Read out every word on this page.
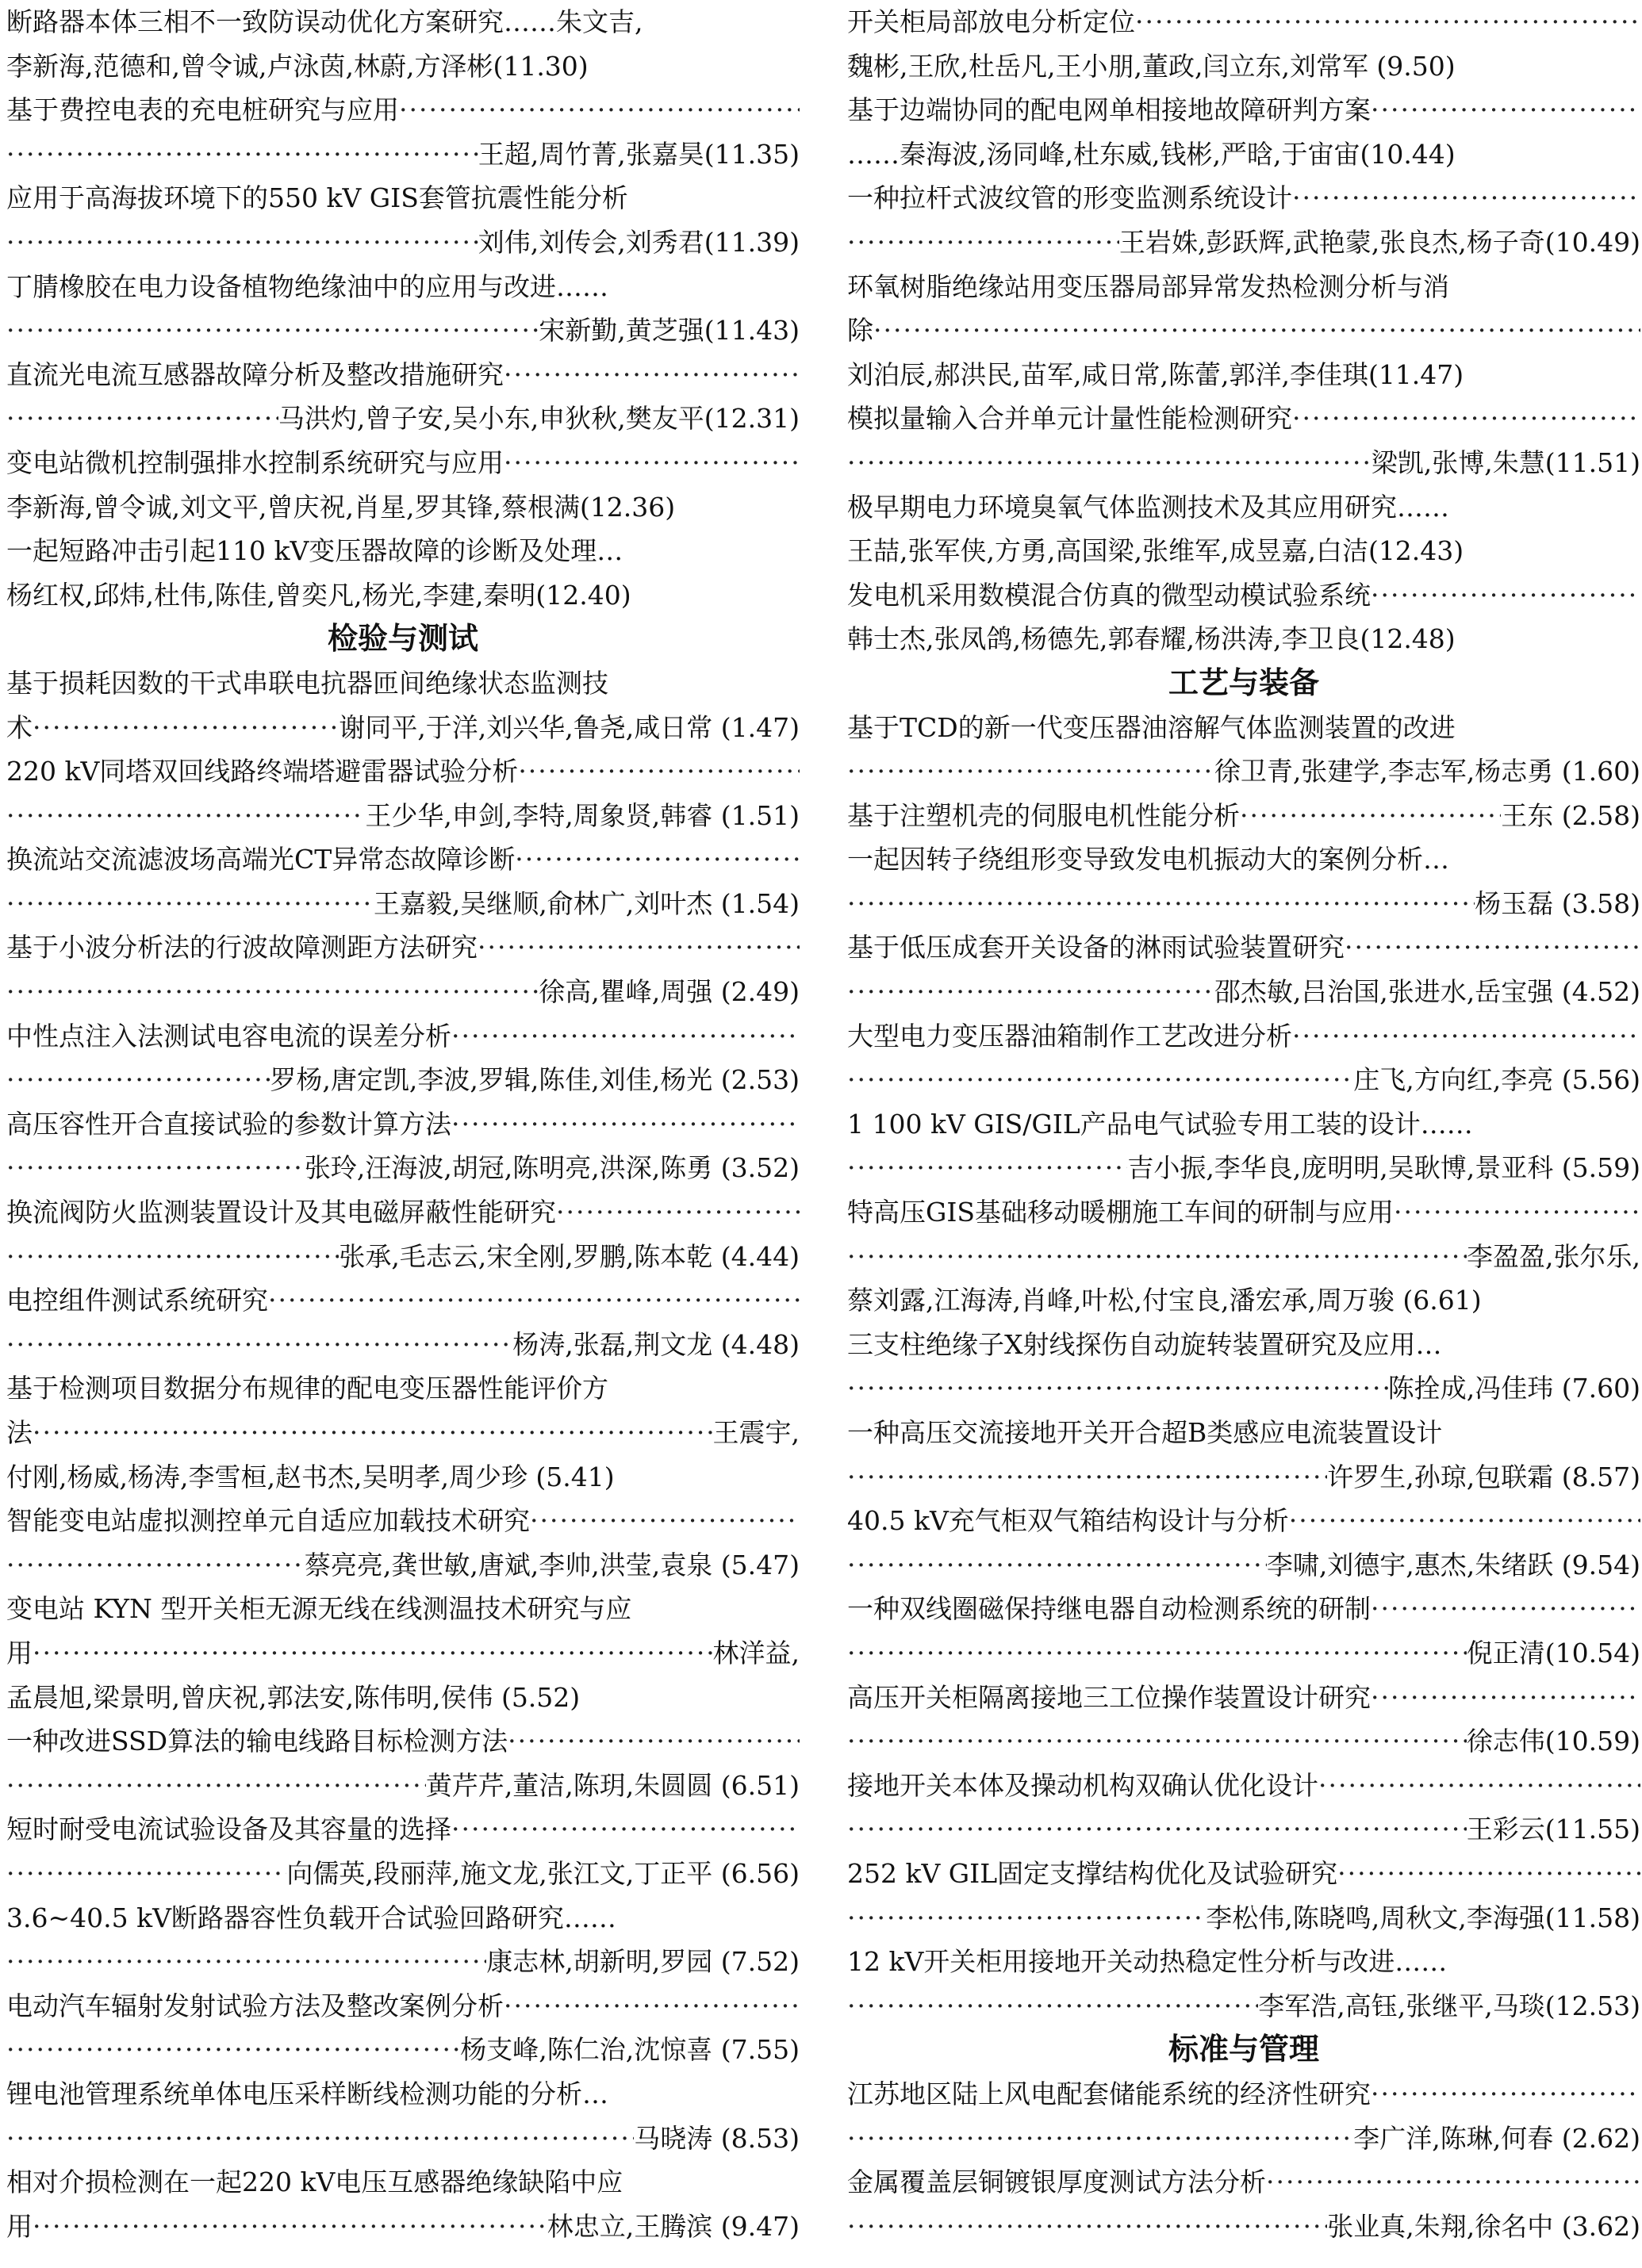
断路器本体三相不一致防误动优化方案研究…… 朱文吉,
李新海,范德和,曾令诚,卢泳茵,林蔚,方泽彬(11.30)
基于费控电表的充电桩研究与应用
·····
·····
王超,周竹菁,张嘉昊(11.35)
应用于高海拔环境下的550 kV GIS套管抗震性能分析
·····
刘伟,刘传会,刘秀君(11.39)
丁腈橡胶在电力设备植物绝缘油中的应用与改进……
·····
宋新勤,黄芝强(11.43)
直流光电流互感器故障分析及整改措施研究
·····
·····
马洪灼,曾子安,吴小东,申狄秋,樊友平(12.31)
变电站微机控制强排水控制系统研究与应用
·····
李新海,曾令诚,刘文平,曾庆祝,肖星,罗其锋,蔡根满(12.36)
一起短路冲击引起110 kV变压器故障的诊断及处理…
杨红权,邱炜,杜伟,陈佳,曾奕凡,杨光,李建,秦明(12.40)
检验与测试
基于损耗因数的干式串联电抗器匝间绝缘状态监测技
术 ·····	谢同平,于洋,刘兴华,鲁尧,咸日常 (1.47)
220 kV同塔双回线路终端塔避雷器试验分析
·····
·····
王少华,申剑,李特,周象贤,韩睿 (1.51)
换流站交流滤波场高端光CT异常态故障诊断
·····
·····
王嘉毅,吴继顺,俞林广,刘叶杰 (1.54)
基于小波分析法的行波故障测距方法研究
·····
·····
徐高,瞿峰,周强 (2.49)
中性点注入法测试电容电流的误差分析
·····
·····
罗杨,唐定凯,李波,罗辑,陈佳,刘佳,杨光 (2.53)
高压容性开合直接试验的参数计算方法
·····
·····
张玲,汪海波,胡冠,陈明亮,洪深,陈勇 (3.52)
换流阀防火监测装置设计及其电磁屏蔽性能研究
·····
·····
张承,毛志云,宋全刚,罗鹏,陈本乾 (4.44)
电控组件测试系统研究
·····
·····
杨涛,张磊,荆文龙 (4.48)
基于检测项目数据分布规律的配电变压器性能评价方
法 ·····	王震宇,
付刚,杨威,杨涛,李雪桓,赵书杰,吴明孝,周少珍 (5.41)
智能变电站虚拟测控单元自适应加载技术研究
·····
·····
蔡亮亮,龚世敏,唐斌,李帅,洪莹,袁泉 (5.47)
变电站 KYN 型开关柜无源无线在线测温技术研究与应
用 ·····	林洋益,
孟晨旭,梁景明,曾庆祝,郭法安,陈伟明,侯伟 (5.52)
一种改进SSD算法的输电线路目标检测方法
·····
·····
黄芹芹,董洁,陈玥,朱圆圆 (6.51)
短时耐受电流试验设备及其容量的选择
·····
·····
向儒英,段丽萍,施文龙,张江文,丁正平 (6.56)
3.6~40.5 kV断路器容性负载开合试验回路研究……
·····
康志林,胡新明,罗园 (7.52)
电动汽车辐射发射试验方法及整改案例分析
·····
·····
杨支峰,陈仁治,沈惊喜 (7.55)
锂电池管理系统单体电压采样断线检测功能的分析…
·····
马晓涛 (8.53)
相对介损检测在一起220 kV电压互感器绝缘缺陷中应
用 ·····	林忠立,王腾滨 (9.47)
开关柜局部放电分析定位
·····
魏彬,王欣,杜岳凡,王小朋,董政,闫立东,刘常军 (9.50)
基于边端协同的配电网单相接地故障研判方案
·····
……秦海波,汤同峰,杜东威,钱彬,严晗,于宙宙(10.44)
一种拉杆式波纹管的形变监测系统设计
·····
·····
王岩姝,彭跃辉,武艳蒙,张良杰,杨子奇(10.49)
环氧树脂绝缘站用变压器局部异常发热检测分析与消
除
·····
刘泊辰,郝洪民,苗军,咸日常,陈蕾,郭洋,李佳琪(11.47)
模拟量输入合并单元计量性能检测研究
·····
·····
梁凯,张博,朱慧(11.51)
极早期电力环境臭氧气体监测技术及其应用研究……
王喆,张军侠,方勇,高国梁,张维军,成昱嘉,白洁(12.43)
发电机采用数模混合仿真的微型动模试验系统
·····
韩士杰,张凤鸽,杨德先,郭春耀,杨洪涛,李卫良(12.48)
工艺与装备
基于TCD的新一代变压器油溶解气体监测装置的改进
·····
徐卫青,张建学,李志军,杨志勇 (1.60)
基于注塑机壳的伺服电机性能分析 ·····	王东 (2.58)
一起因转子绕组形变导致发电机振动大的案例分析…
·····
杨玉磊 (3.58)
基于低压成套开关设备的淋雨试验装置研究
·····
·····
邵杰敏,吕治国,张进水,岳宝强 (4.52)
大型电力变压器油箱制作工艺改进分析
·····
·····
庄飞,方向红,李亮 (5.56)
1 100 kV GIS/GIL产品电气试验专用工装的设计……
·····
吉小振,李华良,庞明明,吴耿博,景亚科 (5.59)
特高压GIS基础移动暖棚施工车间的研制与应用
·····
·····
李盈盈,张尔乐,
蔡刘露,江海涛,肖峰,叶松,付宝良,潘宏承,周万骏 (6.61)
三支柱绝缘子X射线探伤自动旋转装置研究及应用…
·····
陈拴成,冯佳玮 (7.60)
一种高压交流接地开关开合超B类感应电流装置设计
·····
许罗生,孙琼,包联霜 (8.57)
40.5 kV充气柜双气箱结构设计与分析
·····
·····
李啸,刘德宇,惠杰,朱绪跃 (9.54)
一种双线圈磁保持继电器自动检测系统的研制
·····
·····
倪正清(10.54)
高压开关柜隔离接地三工位操作装置设计研究
·····
·····
徐志伟(10.59)
接地开关本体及操动机构双确认优化设计
·····
·····
王彩云(11.55)
252 kV GIL固定支撑结构优化及试验研究
·····
·····
李松伟,陈晓鸣,周秋文,李海强(11.58)
12 kV开关柜用接地开关动热稳定性分析与改进……
·····
李军浩,高钰,张继平,马琰(12.53)
标准与管理
江苏地区陆上风电配套储能系统的经济性研究
·····
·····
李广洋,陈琳,何春 (2.62)
金属覆盖层铜镀银厚度测试方法分析
·····
·····
张业真,朱翔,徐名中 (3.62)
